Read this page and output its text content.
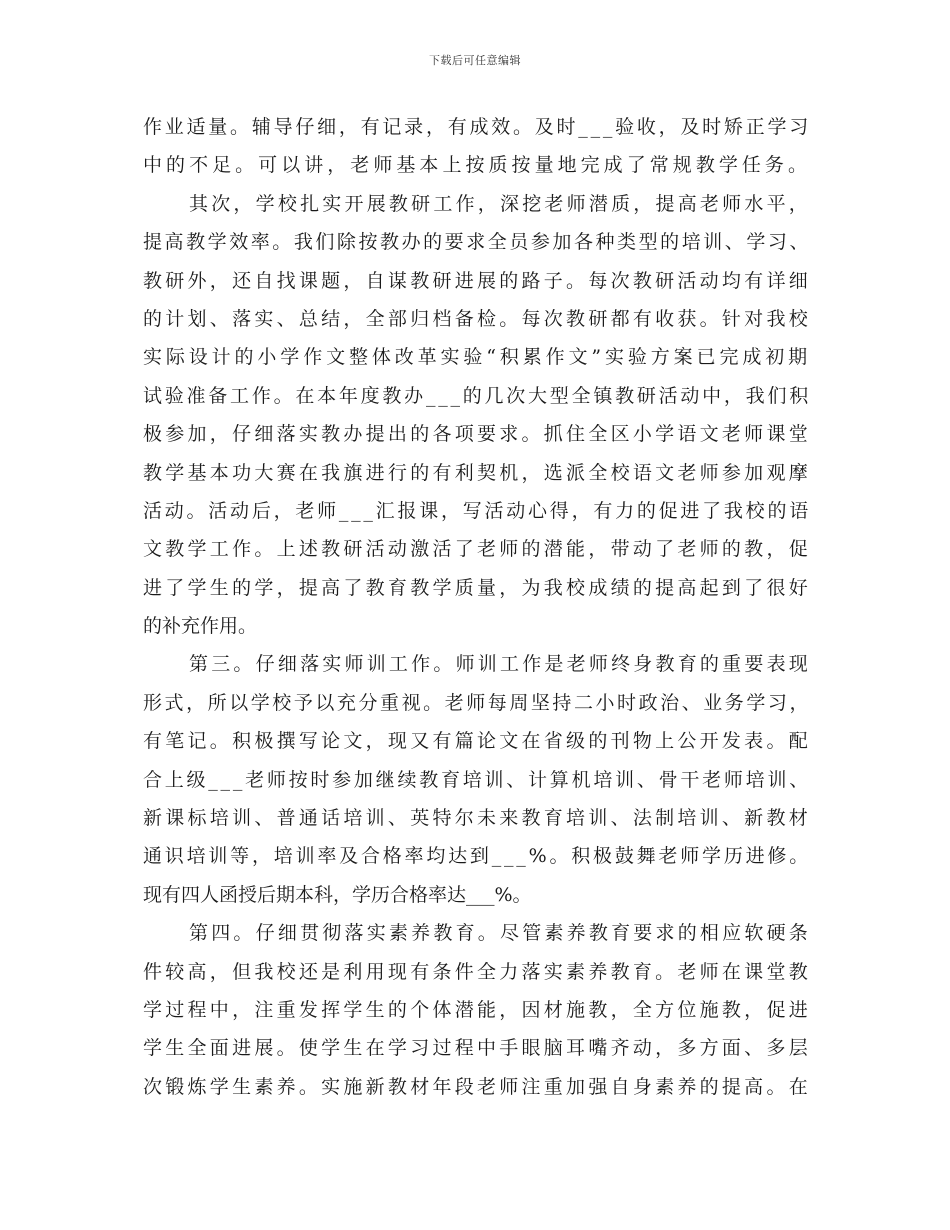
下载后可任意编辑
作业适量。辅导仔细，有记录，有成效。及时___验收，及时矫正学习
中的不足。可以讲，老师基本上按质按量地完成了常规教学任务。
其次，学校扎实开展教研工作，深挖老师潜质，提高老师水平，
提高教学效率。我们除按教办的要求全员参加各种类型的培训、学习、
教研外，还自找课题，自谋教研进展的路子。每次教研活动均有详细
的计划、落实、总结，全部归档备检。每次教研都有收获。针对我校
实际设计的小学作文整体改革实验“积累作文”实验方案已完成初期
试验准备工作。在本年度教办___的几次大型全镇教研活动中，我们积
极参加，仔细落实教办提出的各项要求。抓住全区小学语文老师课堂
教学基本功大赛在我旗进行的有利契机，选派全校语文老师参加观摩
活动。活动后，老师___汇报课，写活动心得，有力的促进了我校的语
文教学工作。上述教研活动激活了老师的潜能，带动了老师的教，促
进了学生的学，提高了教育教学质量，为我校成绩的提高起到了很好
的补充作用。
第三。仔细落实师训工作。师训工作是老师终身教育的重要表现
形式，所以学校予以充分重视。老师每周坚持二小时政治、业务学习，
有笔记。积极撰写论文，现又有篇论文在省级的刊物上公开发表。配
合上级___老师按时参加继续教育培训、计算机培训、骨干老师培训、
新课标培训、普通话培训、英特尔未来教育培训、法制培训、新教材
通识培训等，培训率及合格率均达到___%。积极鼓舞老师学历进修。
现有四人函授后期本科，学历合格率达___%。
第四。仔细贯彻落实素养教育。尽管素养教育要求的相应软硬条
件较高，但我校还是利用现有条件全力落实素养教育。老师在课堂教
学过程中，注重发挥学生的个体潜能，因材施教，全方位施教，促进
学生全面进展。使学生在学习过程中手眼脑耳嘴齐动，多方面、多层
次锻炼学生素养。实施新教材年段老师注重加强自身素养的提高。在
